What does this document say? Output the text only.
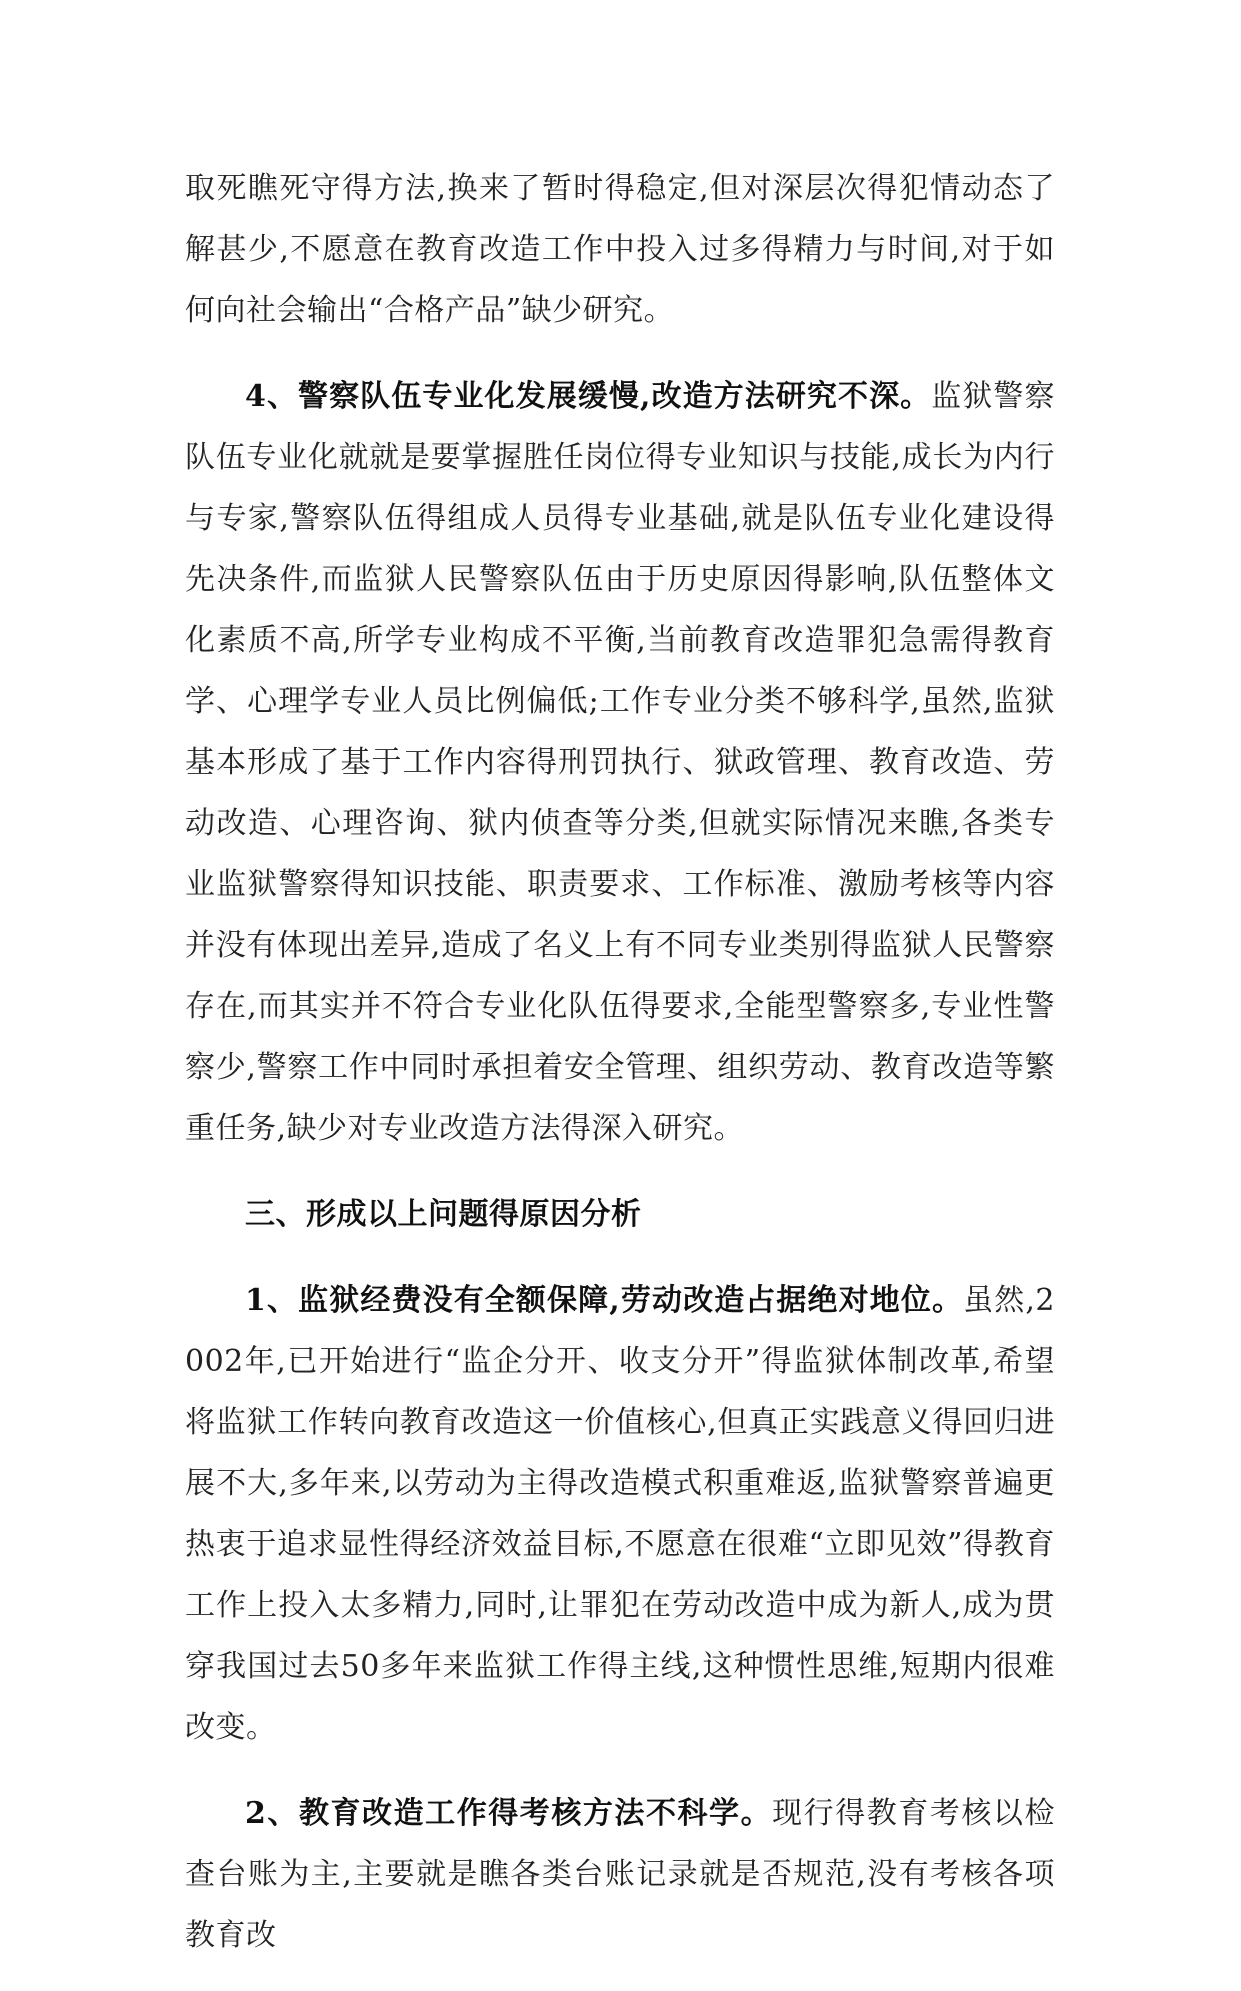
取死瞧死守得方法,换来了暂时得稳定,但对深层次得犯情动态了解甚少,不愿意在教育改造工作中投入过多得精力与时间,对于如何向社会输出“合格产品”缺少研究。

4、警察队伍专业化发展缓慢,改造方法研究不深。监狱警察队伍专业化就就是要掌握胜任岗位得专业知识与技能,成长为内行与专家,警察队伍得组成人员得专业基础,就是队伍专业化建设得先决条件,而监狱人民警察队伍由于历史原因得影响,队伍整体文化素质不高,所学专业构成不平衡,当前教育改造罪犯急需得教育学、心理学专业人员比例偏低;工作专业分类不够科学,虽然,监狱基本形成了基于工作内容得刑罚执行、狱政管理、教育改造、劳动改造、心理咨询、狱内侦查等分类,但就实际情况来瞧,各类专业监狱警察得知识技能、职责要求、工作标准、激励考核等内容并没有体现出差异,造成了名义上有不同专业类别得监狱人民警察存在,而其实并不符合专业化队伍得要求,全能型警察多,专业性警察少,警察工作中同时承担着安全管理、组织劳动、教育改造等繁重任务,缺少对专业改造方法得深入研究。

三、形成以上问题得原因分析

1、监狱经费没有全额保障,劳动改造占据绝对地位。虽然,2002年,已开始进行“监企分开、收支分开”得监狱体制改革,希望将监狱工作转向教育改造这一价值核心,但真正实践意义得回归进展不大,多年来,以劳动为主得改造模式积重难返,监狱警察普遍更热衷于追求显性得经济效益目标,不愿意在很难“立即见效”得教育工作上投入太多精力,同时,让罪犯在劳动改造中成为新人,成为贯穿我国过去50多年来监狱工作得主线,这种惯性思维,短期内很难改变。

2、教育改造工作得考核方法不科学。现行得教育考核以检查台账为主,主要就是瞧各类台账记录就是否规范,没有考核各项教育改
